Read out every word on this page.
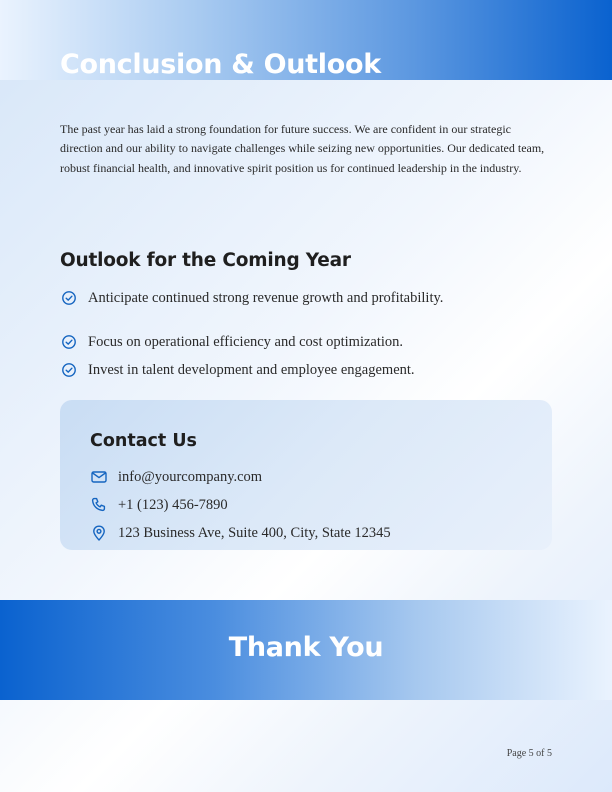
Conclusion & Outlook

The past year has laid a strong foundation for future success. We are confident in our strategic direction and our ability to navigate challenges while seizing new opportunities. Our dedicated team, robust financial health, and innovative spirit position us for continued leadership in the industry.

Outlook for the Coming Year
Anticipate continued strong revenue growth and profitability.
Focus on operational efficiency and cost optimization.
Invest in talent development and employee engagement.
Contact Us
info@yourcompany.com
+1 (123) 456-7890
123 Business Ave, Suite 400, City, State 12345
Thank You
Page 5 of 5
